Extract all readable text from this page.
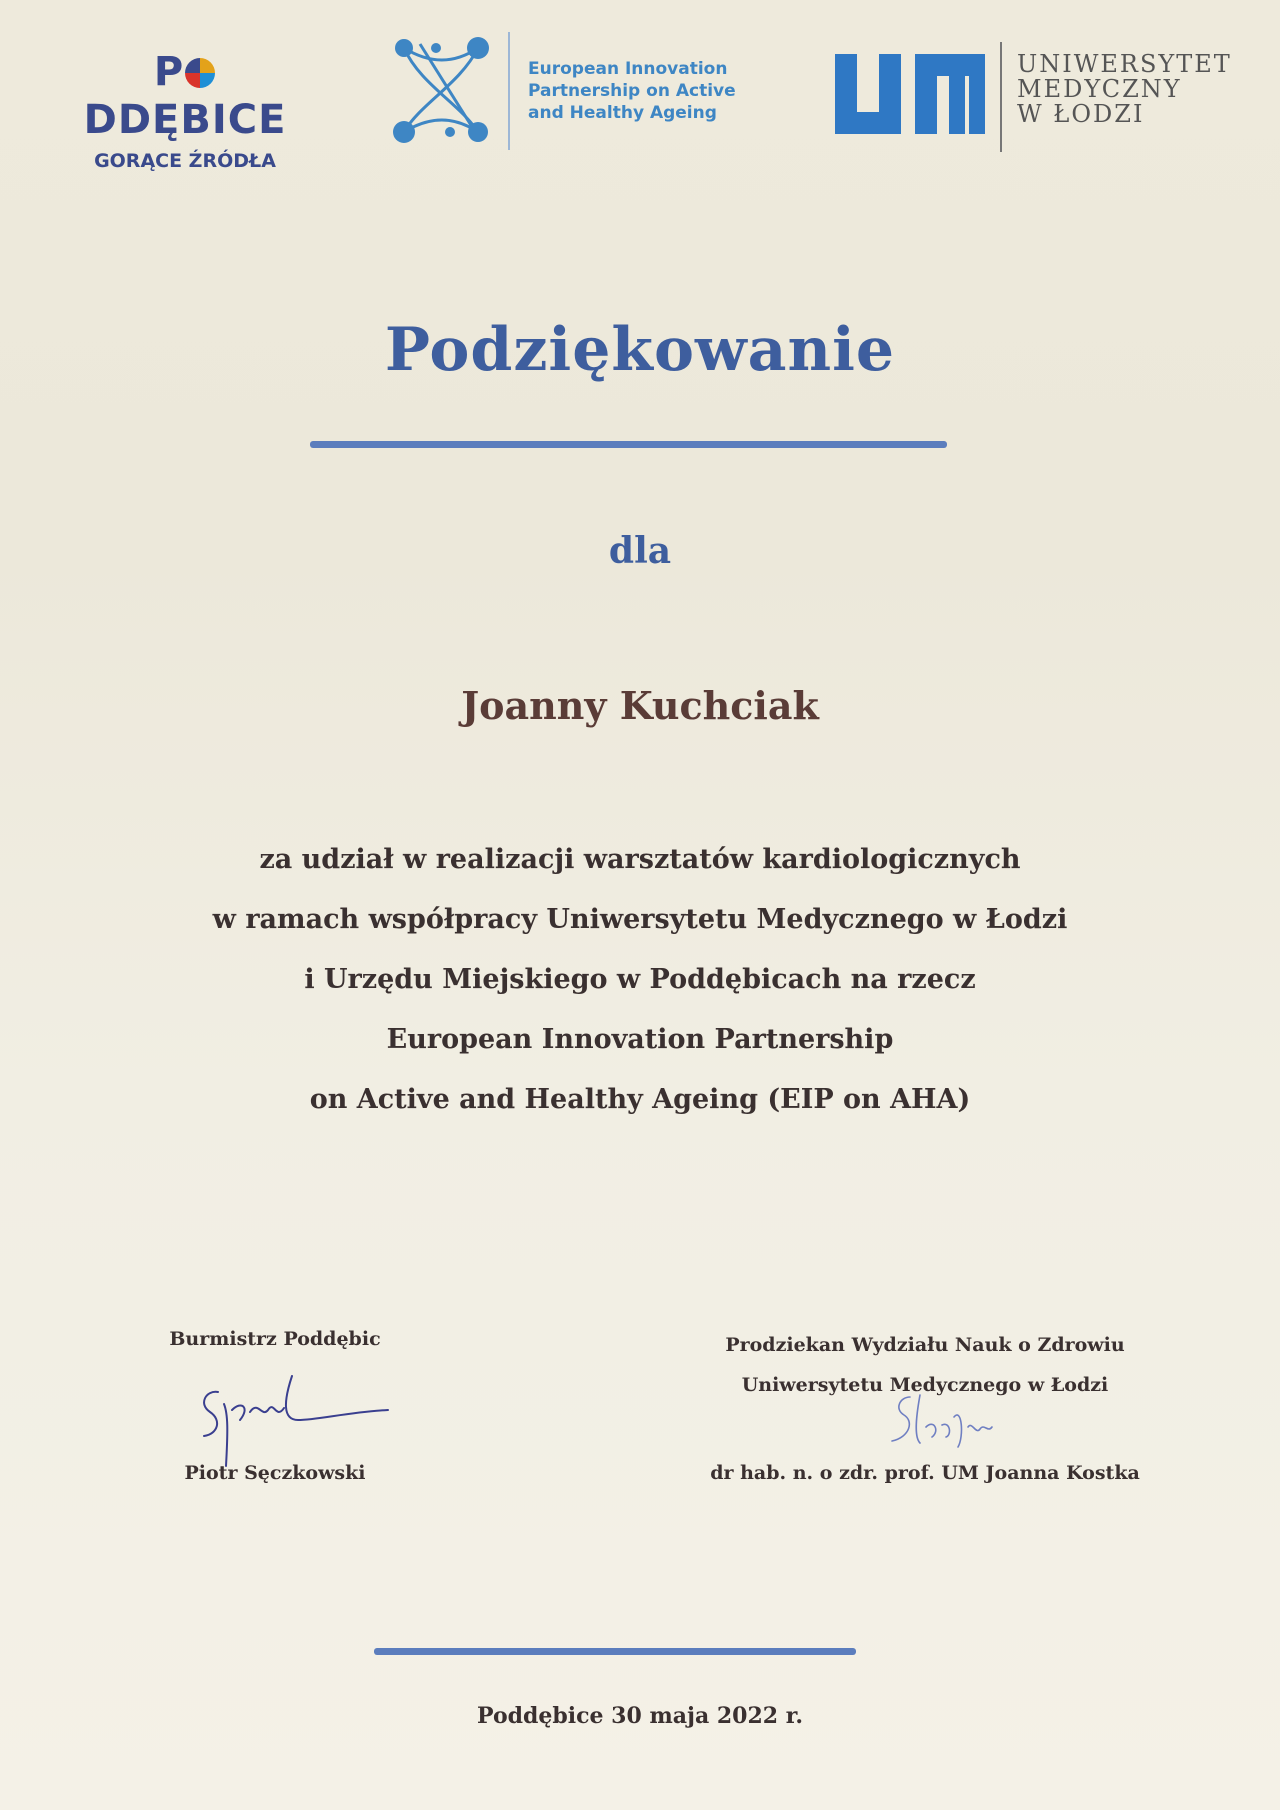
PDDĘBICE
GORĄCE ŹRÓDŁA
European Innovation
Partnership on Active
and Healthy Ageing
UNIWERSYTET
MEDYCZNY
W ŁODZI
Podziękowanie
dla
Joanny Kuchciak
za udział w realizacji warsztatów kardiologicznych
w ramach współpracy Uniwersytetu Medycznego w Łodzi
i Urzędu Miejskiego w Poddębicach na rzecz
European Innovation Partnership
on Active and Healthy Ageing (EIP on AHA)
Burmistrz Poddębic
Piotr Sęczkowski
Prodziekan Wydziału Nauk o Zdrowiu
Uniwersytetu Medycznego w Łodzi
dr hab. n. o zdr. prof. UM Joanna Kostka
Poddębice 30 maja 2022 r.
